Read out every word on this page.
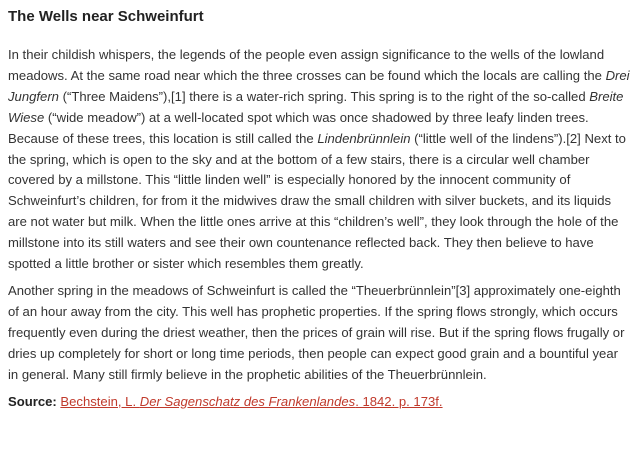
The Wells near Schweinfurt

In their childish whispers, the legends of the people even assign significance to the wells of the lowland meadows. At the same road near which the three crosses can be found which the locals are calling the Drei Jungfern (“Three Maidens”),[1] there is a water-rich spring. This spring is to the right of the so-called Breite Wiese (“wide meadow”) at a well-located spot which was once shadowed by three leafy linden trees. Because of these trees, this location is still called the Lindenbrünnlein (“little well of the lindens”).[2] Next to the spring, which is open to the sky and at the bottom of a few stairs, there is a circular well chamber covered by a millstone. This “little linden well” is especially honored by the innocent community of Schweinfurt’s children, for from it the midwives draw the small children with silver buckets, and its liquids are not water but milk. When the little ones arrive at this “children’s well”, they look through the hole of the millstone into its still waters and see their own countenance reflected back. They then believe to have spotted a little brother or sister which resembles them greatly.

Another spring in the meadows of Schweinfurt is called the “Theuerbrünnlein”[3] approximately one-eighth of an hour away from the city. This well has prophetic properties. If the spring flows strongly, which occurs frequently even during the driest weather, then the prices of grain will rise. But if the spring flows frugally or dries up completely for short or long time periods, then people can expect good grain and a bountiful year in general. Many still firmly believe in the prophetic abilities of the Theuerbrünnlein.

Source: Bechstein, L. Der Sagenschatz des Frankenlandes. 1842. p. 173f.
